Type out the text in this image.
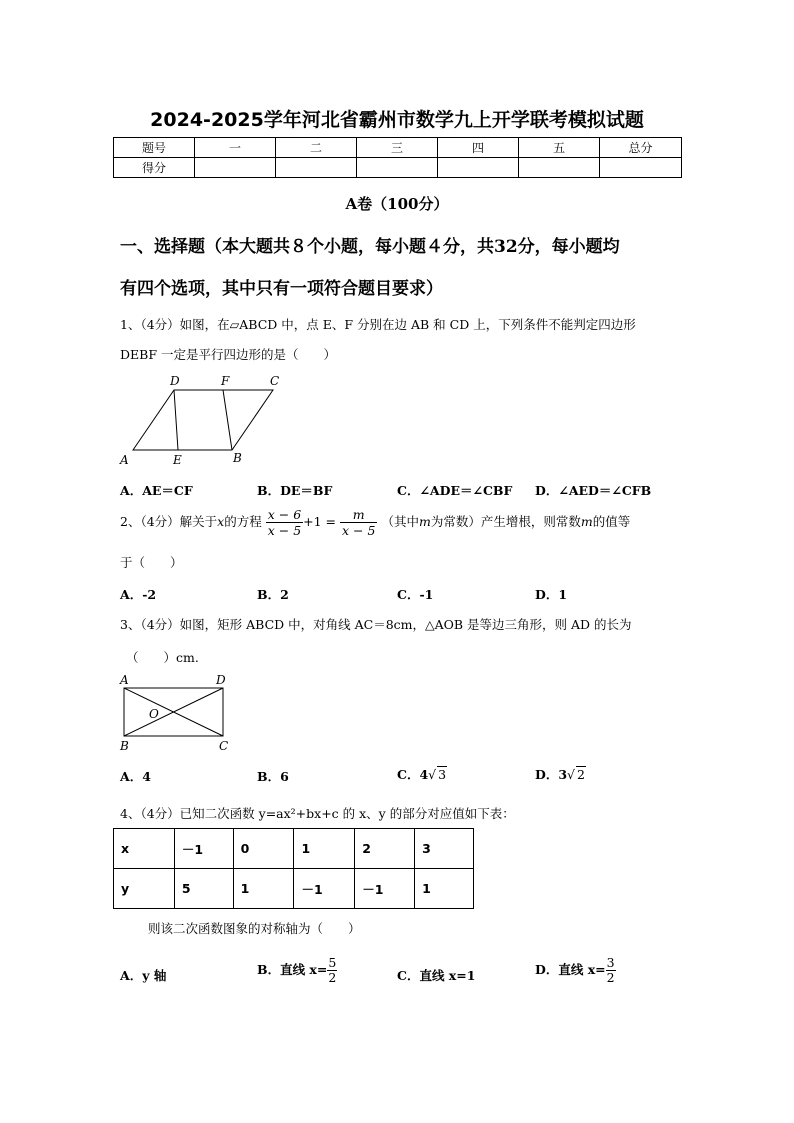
2024-2025学年河北省霸州市数学九上开学联考模拟试题
题号	一	二	三	四	五	总分
得分						
A卷（100分）
一、选择题（本大题共８个小题，每小题４分，共32分，每小题均
有四个选项，其中只有一项符合题目要求）
1、（4分）如图，在▱ABCD 中，点 E、F 分别在边 AB 和 CD 上，下列条件不能判定四边形
DEBF 一定是平行四边形的是（　　）
D	F	C
A	E	B
A．AE＝CF	B．DE＝BF	C．∠ADE＝∠CBF D．∠AED＝∠CFB
2、（4分）解关于x的方程 $\frac{x - 6}{x - 5} +1 = \frac{m}{x - 5}$ （其中m为常数）产生增根，则常数m的值等
于（　　）
A．-2	B．2	C．-1	D．1
3、（4分）如图，矩形 ABCD 中，对角线 AC＝8cm，△AOB 是等边三角形，则 AD 的长为
（　　）cm.
A	D
O
B	C
A．4	B．6	C．4√ 3	D．3√ 2
4、（4分）已知二次函数 y=ax²+bx+c 的 x、y 的部分对应值如下表：
x	－1	0	1	2	3
y	5	1	－1	－1	1
则该二次函数图象的对称轴为（　　）
A．y 轴	B．直线 $x= \frac{5}{2}$	C．直线 x=1	D．直线 $x= \frac{3}{2}$
